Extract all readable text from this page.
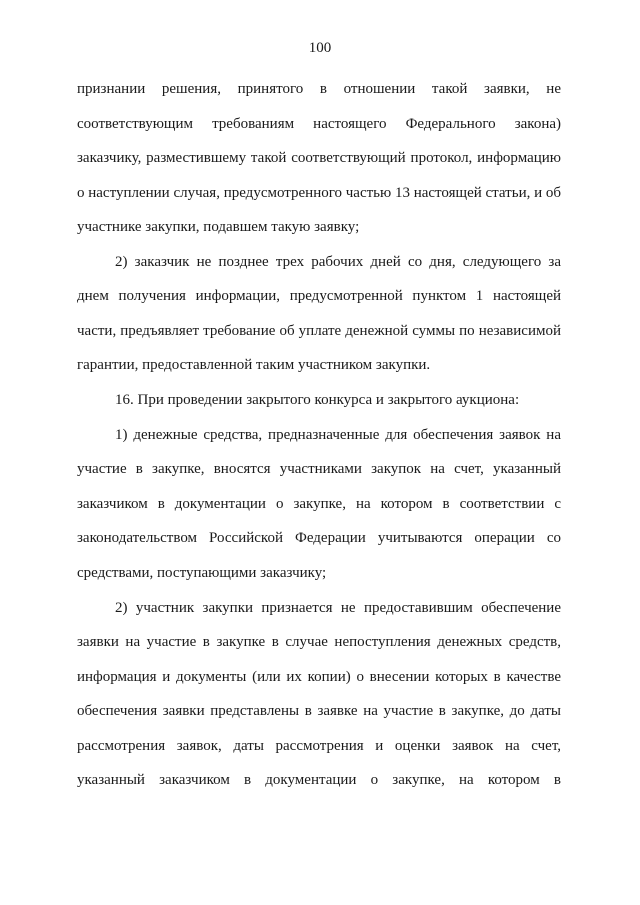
100
признании решения, принятого в отношении такой заявки, не
соответствующим требованиям настоящего Федерального закона)
заказчику, разместившему такой соответствующий протокол, информацию
о наступлении случая, предусмотренного частью 13 настоящей статьи, и об
участнике закупки, подавшем такую заявку;
2) заказчик не позднее трех рабочих дней со дня, следующего за
днем получения информации, предусмотренной пунктом 1 настоящей
части, предъявляет требование об уплате денежной суммы по независимой
гарантии, предоставленной таким участником закупки.
16. При проведении закрытого конкурса и закрытого аукциона:
1) денежные средства, предназначенные для обеспечения заявок на
участие в закупке, вносятся участниками закупок на счет, указанный
заказчиком в документации о закупке, на котором в соответствии с
законодательством Российской Федерации учитываются операции со
средствами, поступающими заказчику;
2) участник закупки признается не предоставившим обеспечение
заявки на участие в закупке в случае непоступления денежных средств,
информация и документы (или их копии) о внесении которых в качестве
обеспечения заявки представлены в заявке на участие в закупке, до даты
рассмотрения заявок, даты рассмотрения и оценки заявок на счет,
указанный заказчиком в документации о закупке, на котором в
